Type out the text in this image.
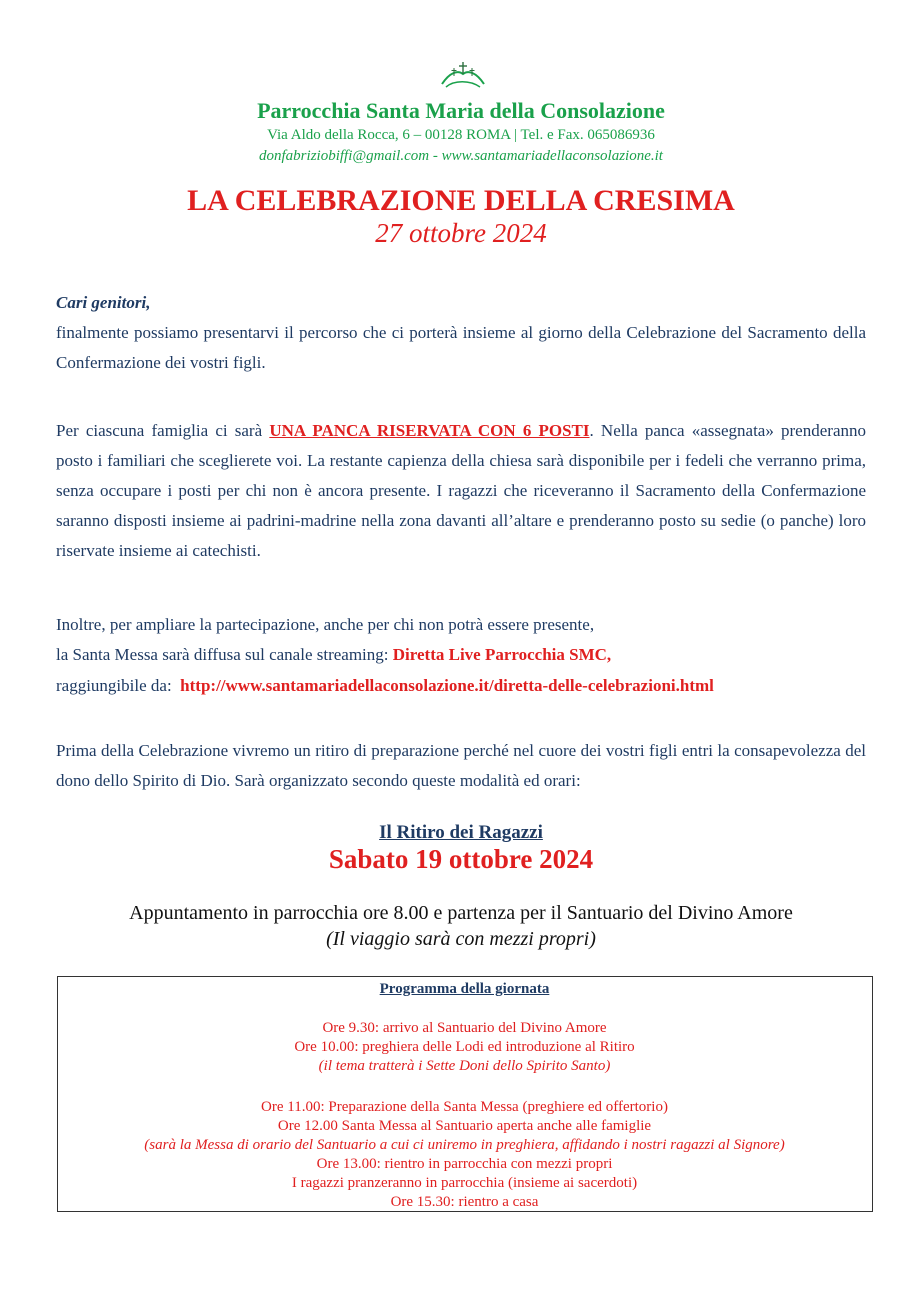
Parrocchia Santa Maria della Consolazione
Via Aldo della Rocca, 6 – 00128 ROMA | Tel. e Fax. 065086936
donfabriziobiffi@gmail.com - www.santamariadellaconsolazione.it
LA CELEBRAZIONE DELLA CRESIMA
27 ottobre 2024
Cari genitori,
finalmente possiamo presentarvi il percorso che ci porterà insieme al giorno della Celebrazione del Sacramento della Confermazione dei vostri figli.
Per ciascuna famiglia ci sarà UNA PANCA RISERVATA CON 6 POSTI. Nella panca «assegnata» prenderanno posto i familiari che sceglierete voi. La restante capienza della chiesa sarà disponibile per i fedeli che verranno prima, senza occupare i posti per chi non è ancora presente. I ragazzi che riceveranno il Sacramento della Confermazione saranno disposti insieme ai padrini-madrine nella zona davanti all’altare e prenderanno posto su sedie (o panche) loro riservate insieme ai catechisti.
Inoltre, per ampliare la partecipazione, anche per chi non potrà essere presente,
la Santa Messa sarà diffusa sul canale streaming: Diretta Live Parrocchia SMC,
raggiungibile da:  http://www.santamariadellaconsolazione.it/diretta-delle-celebrazioni.html
Prima della Celebrazione vivremo un ritiro di preparazione perché nel cuore dei vostri figli entri la consapevolezza del dono dello Spirito di Dio. Sarà organizzato secondo queste modalità ed orari:
Il Ritiro dei Ragazzi
Sabato 19 ottobre 2024
Appuntamento in parrocchia ore 8.00 e partenza per il Santuario del Divino Amore
(Il viaggio sarà con mezzi propri)
Programma della giornata
Ore 9.30: arrivo al Santuario del Divino Amore
Ore 10.00: preghiera delle Lodi ed introduzione al Ritiro
(il tema tratterà i Sette Doni dello Spirito Santo)
Ore 11.00: Preparazione della Santa Messa (preghiere ed offertorio)
Ore 12.00 Santa Messa al Santuario aperta anche alle famiglie
(sarà la Messa di orario del Santuario a cui ci uniremo in preghiera, affidando i nostri ragazzi al Signore)
Ore 13.00: rientro in parrocchia con mezzi propri
I ragazzi pranzeranno in parrocchia (insieme ai sacerdoti)
Ore 15.30: rientro a casa
